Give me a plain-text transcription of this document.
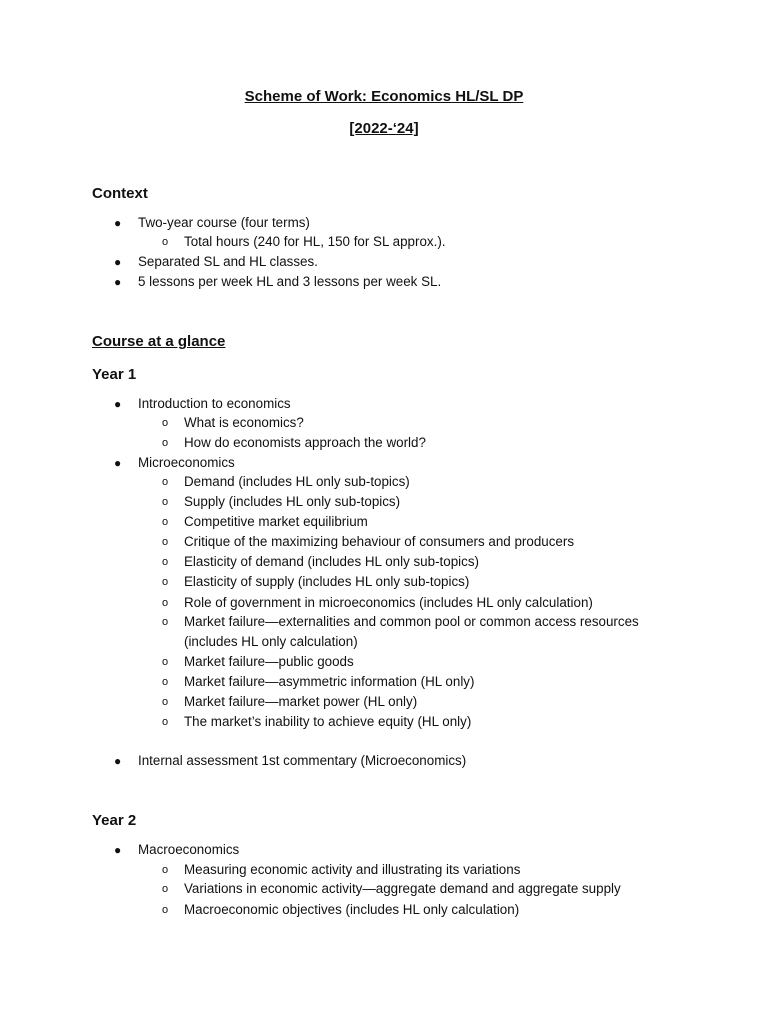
Scheme of Work: Economics HL/SL DP
[2022-‘24]
Context
● Two-year course (four terms)
o Total hours (240 for HL, 150 for SL approx.).
● Separated SL and HL classes.
● 5 lessons per week HL and 3 lessons per week SL.
Course at a glance
Year 1
● Introduction to economics
o What is economics?
o How do economists approach the world?
● Microeconomics
o Demand (includes HL only sub-topics)
o Supply (includes HL only sub-topics)
o Competitive market equilibrium
o Critique of the maximizing behaviour of consumers and producers
o Elasticity of demand (includes HL only sub-topics)
o Elasticity of supply (includes HL only sub-topics)
o Role of government in microeconomics (includes HL only calculation)
o Market failure—externalities and common pool or common access resources
(includes HL only calculation)
o Market failure—public goods
o Market failure—asymmetric information (HL only)
o Market failure—market power (HL only)
o The market’s inability to achieve equity (HL only)
● Internal assessment 1st commentary (Microeconomics)
Year 2
● Macroeconomics
o Measuring economic activity and illustrating its variations
o Variations in economic activity—aggregate demand and aggregate supply
o Macroeconomic objectives (includes HL only calculation)
